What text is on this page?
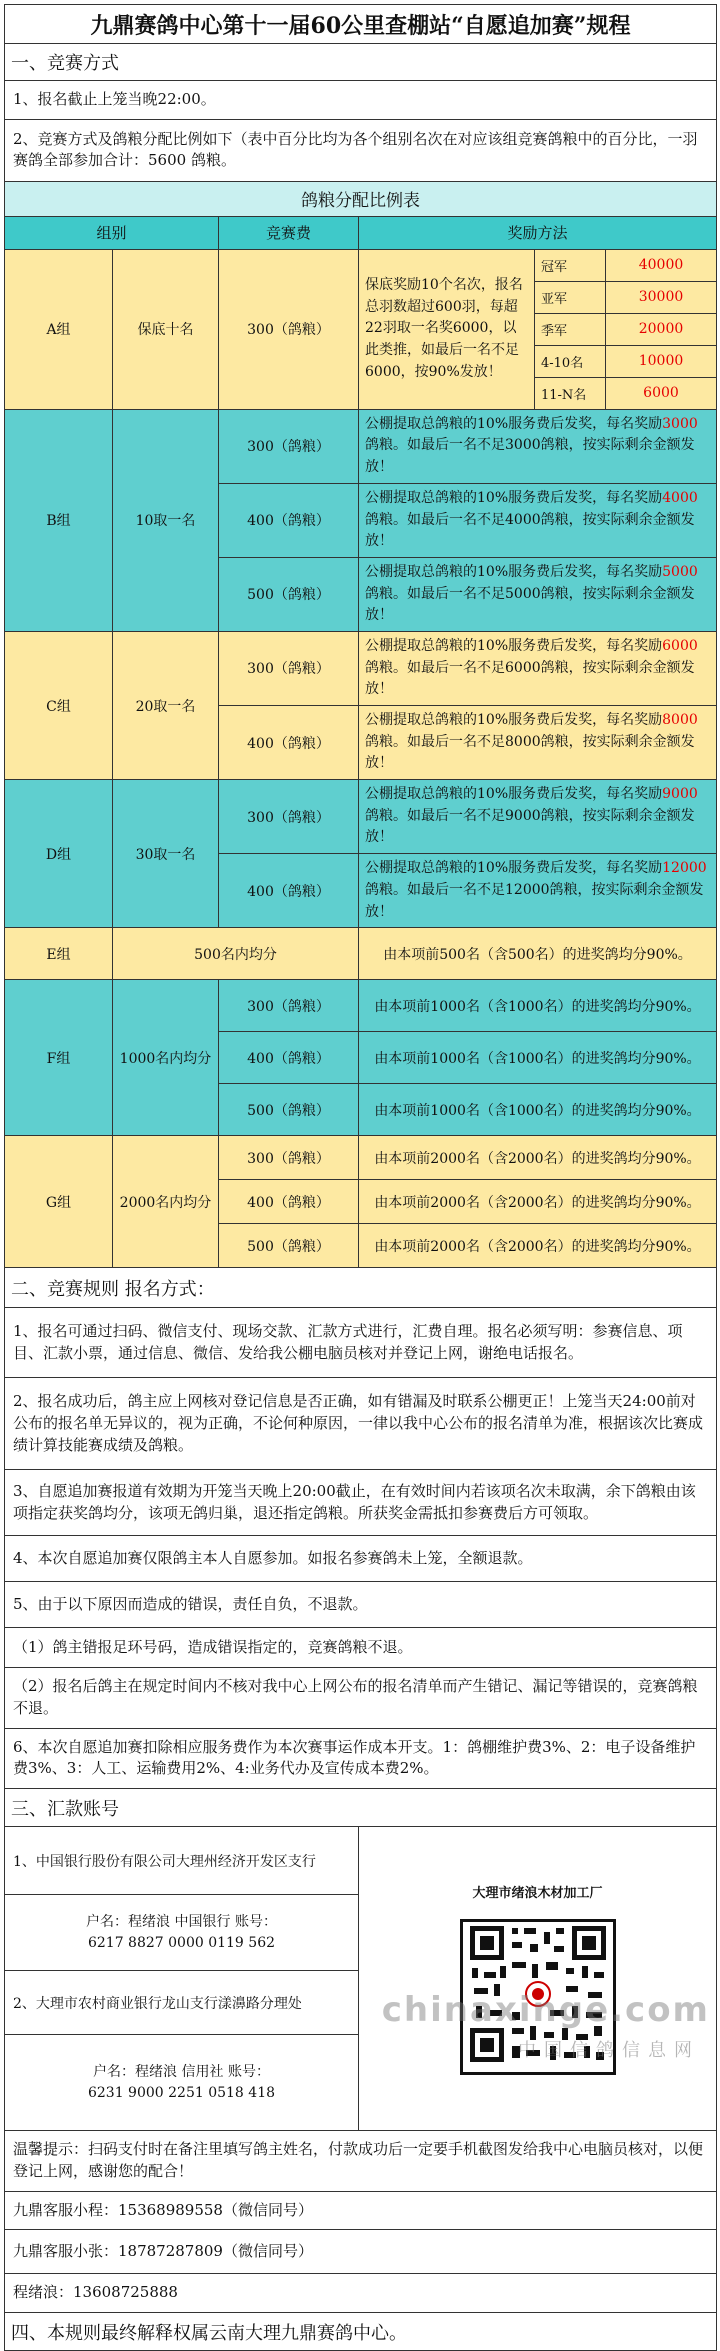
九鼎赛鸽中心第十一届60公里查棚站“自愿追加赛”规程					
一、竞赛方式					
1、报名截止上笼当晚22:00。					
2、竞赛方式及鸽粮分配比例如下（表中百分比均为各个组别名次在对应该组竞赛鸽粮中的百分比，一羽赛鸽全部参加合计：5600 鸽粮。					
鸽粮分配比例表					
组别		竞赛费	奖励方法		
A组	保底十名	300（鸽粮）	保底奖励10个名次，报名总羽数超过600羽，每超22羽取一名奖6000，以此类推，如最后一名不足6000，按90%发放！	冠军	40000
				亚军	30000
				季军	20000
				4-10名	10000
				11-N名	6000
B组	10取一名	300（鸽粮）	公棚提取总鸽粮的10%服务费后发奖，每名奖励3000鸽粮。如最后一名不足3000鸽粮，按实际剩余金额发放！		
		400（鸽粮）	公棚提取总鸽粮的10%服务费后发奖，每名奖励4000鸽粮。如最后一名不足4000鸽粮，按实际剩余金额发放！		
		500（鸽粮）	公棚提取总鸽粮的10%服务费后发奖，每名奖励5000鸽粮。如最后一名不足5000鸽粮，按实际剩余金额发放！		
C组	20取一名	300（鸽粮）	公棚提取总鸽粮的10%服务费后发奖，每名奖励6000鸽粮。如最后一名不足6000鸽粮，按实际剩余金额发放！		
		400（鸽粮）	公棚提取总鸽粮的10%服务费后发奖，每名奖励8000鸽粮。如最后一名不足8000鸽粮，按实际剩余金额发放！		
D组	30取一名	300（鸽粮）	公棚提取总鸽粮的10%服务费后发奖，每名奖励9000鸽粮。如最后一名不足9000鸽粮，按实际剩余金额发放！		
		400（鸽粮）	公棚提取总鸽粮的10%服务费后发奖，每名奖励12000鸽粮。如最后一名不足12000鸽粮，按实际剩余金额发放！		
E组	500名内均分		由本项前500名（含500名）的进奖鸽均分90%。		
F组	1000名内均分	300（鸽粮）	由本项前1000名（含1000名）的进奖鸽均分90%。		
		400（鸽粮）	由本项前1000名（含1000名）的进奖鸽均分90%。		
		500（鸽粮）	由本项前1000名（含1000名）的进奖鸽均分90%。		
G组	2000名内均分	300（鸽粮）	由本项前2000名（含2000名）的进奖鸽均分90%。		
		400（鸽粮）	由本项前2000名（含2000名）的进奖鸽均分90%。		
		500（鸽粮）	由本项前2000名（含2000名）的进奖鸽均分90%。		
二、竞赛规则 报名方式：					
1、报名可通过扫码、微信支付、现场交款、汇款方式进行，汇费自理。报名必须写明：参赛信息、项目、汇款小票，通过信息、微信、发给我公棚电脑员核对并登记上网，谢绝电话报名。					
2、报名成功后，鸽主应上网核对登记信息是否正确，如有错漏及时联系公棚更正！上笼当天24:00前对公布的报名单无异议的，视为正确，不论何种原因，一律以我中心公布的报名清单为准，根据该次比赛成绩计算技能赛成绩及鸽粮。					
3、自愿追加赛报道有效期为开笼当天晚上20:00截止，在有效时间内若该项名次未取满，余下鸽粮由该项指定获奖鸽均分，该项无鸽归巢，退还指定鸽粮。所获奖金需抵扣参赛费后方可领取。					
4、本次自愿追加赛仅限鸽主本人自愿参加。如报名参赛鸽未上笼，全额退款。					
5、由于以下原因而造成的错误，责任自负，不退款。					
（1）鸽主错报足环号码，造成错误指定的，竞赛鸽粮不退。					
（2）报名后鸽主在规定时间内不核对我中心上网公布的报名清单而产生错记、漏记等错误的，竞赛鸽粮不退。					
6、本次自愿追加赛扣除相应服务费作为本次赛事运作成本开支。1：鸽棚维护费3%、2：电子设备维护费3%、3：人工、运输费用2%、4:业务代办及宣传成本费2%。					
三、汇款账号					
1、中国银行股份有限公司大理州经济开发区支行			大理市绪浪木材加工厂		

户名：程绪浪 中国银行 账号：
6217 8827 0000 0119 562					

2、大理市农村商业银行龙山支行漾濞路分理处					

户名：程绪浪 信用社 账号：
6231 9000 2251 0518 418					

温馨提示：扫码支付时在备注里填写鸽主姓名，付款成功后一定要手机截图发给我中心电脑员核对，以便登记上网，感谢您的配合！					
九鼎客服小程：15368989558（微信同号）					
九鼎客服小张：18787287809（微信同号）					
程绪浪：13608725888					
四、本规则最终解释权属云南大理九鼎赛鸽中心。					
chinaxinge.com
中国信鸽信息网
